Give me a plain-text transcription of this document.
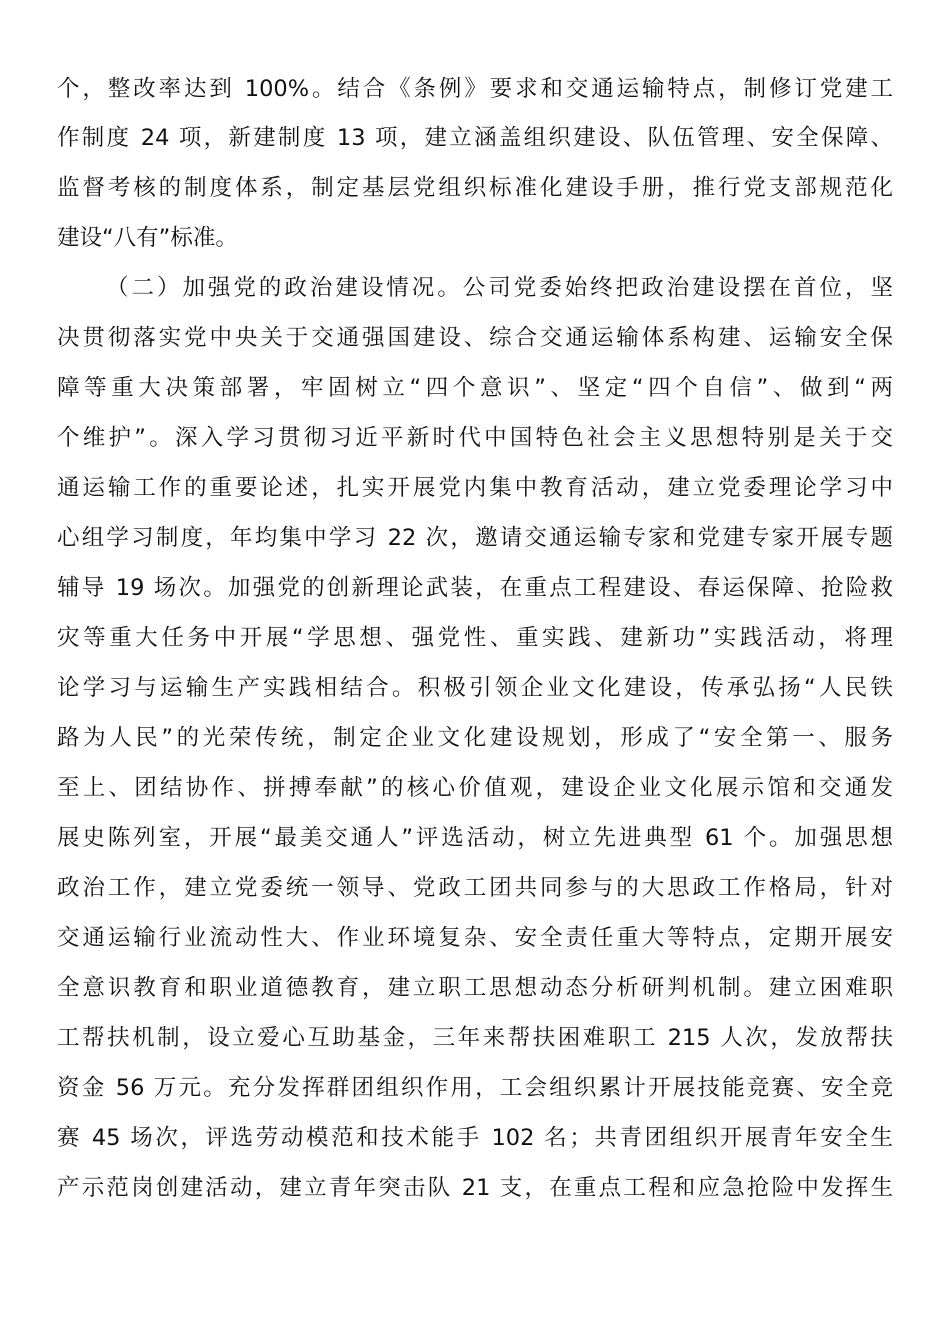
个，整改率达到 100%。结合《条例》要求和交通运输特点，制修订党建工
作制度 24 项，新建制度 13 项，建立涵盖组织建设、队伍管理、安全保障、
监督考核的制度体系，制定基层党组织标准化建设手册，推行党支部规范化
建设“八有”标准。
（二）加强党的政治建设情况。公司党委始终把政治建设摆在首位，坚
决贯彻落实党中央关于交通强国建设、综合交通运输体系构建、运输安全保
障等重大决策部署，牢固树立“四个意识”、坚定“四个自信”、做到“两
个维护”。深入学习贯彻习近平新时代中国特色社会主义思想特别是关于交
通运输工作的重要论述，扎实开展党内集中教育活动，建立党委理论学习中
心组学习制度，年均集中学习 22 次，邀请交通运输专家和党建专家开展专题
辅导 19 场次。加强党的创新理论武装，在重点工程建设、春运保障、抢险救
灾等重大任务中开展“学思想、强党性、重实践、建新功”实践活动，将理
论学习与运输生产实践相结合。积极引领企业文化建设，传承弘扬“人民铁
路为人民”的光荣传统，制定企业文化建设规划，形成了“安全第一、服务
至上、团结协作、拼搏奉献”的核心价值观，建设企业文化展示馆和交通发
展史陈列室，开展“最美交通人”评选活动，树立先进典型 61 个。加强思想
政治工作，建立党委统一领导、党政工团共同参与的大思政工作格局，针对
交通运输行业流动性大、作业环境复杂、安全责任重大等特点，定期开展安
全意识教育和职业道德教育，建立职工思想动态分析研判机制。建立困难职
工帮扶机制，设立爱心互助基金，三年来帮扶困难职工 215 人次，发放帮扶
资金 56 万元。充分发挥群团组织作用，工会组织累计开展技能竞赛、安全竞
赛 45 场次，评选劳动模范和技术能手 102 名；共青团组织开展青年安全生
产示范岗创建活动，建立青年突击队 21 支，在重点工程和应急抢险中发挥生
